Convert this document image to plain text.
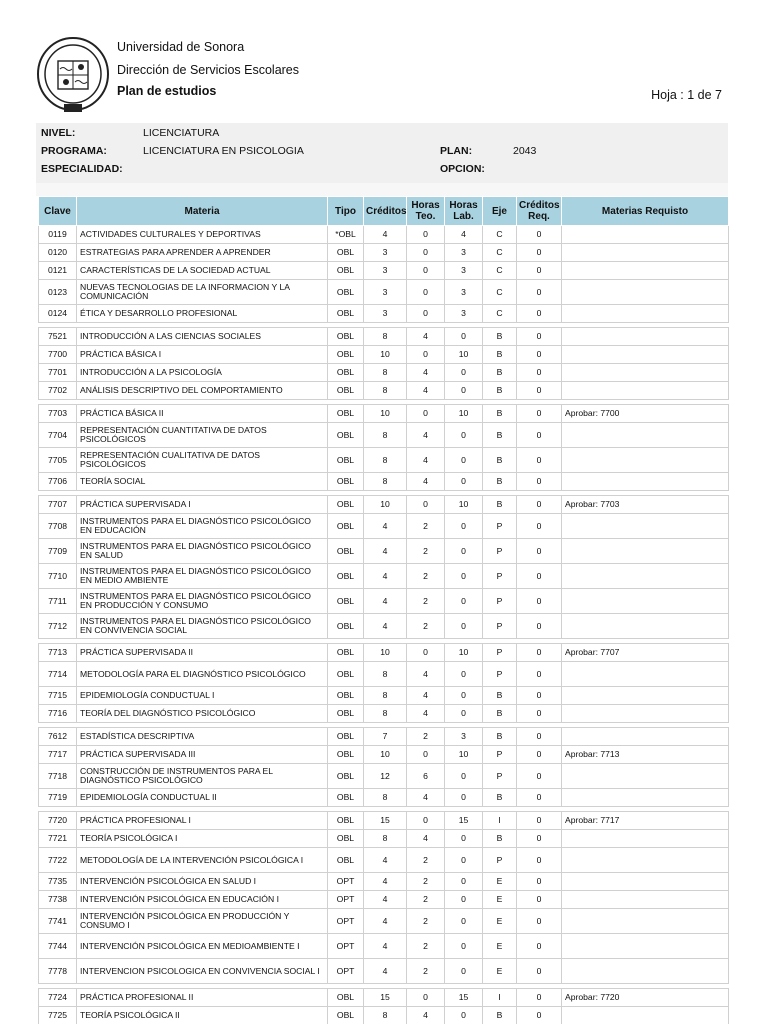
Universidad de Sonora
Dirección de Servicios Escolares
Plan de estudios	Hoja : 1 de 7
NIVEL:	LICENCIATURA
PROGRAMA:	LICENCIATURA EN PSICOLOGIA	PLAN:	2043
ESPECIALIDAD:	OPCION:
Clave	Materia	Tipo	Créditos	Horas Teo.	Horas Lab.	Eje	Créditos Req.	Materias Requisto
0119	ACTIVIDADES CULTURALES Y DEPORTIVAS	*OBL	4	0	4	C	0	
0120	ESTRATEGIAS PARA APRENDER A APRENDER	OBL	3	0	3	C	0	
0121	CARACTERÍSTICAS DE LA SOCIEDAD ACTUAL	OBL	3	0	3	C	0	
0123	NUEVAS TECNOLOGIAS DE LA INFORMACION Y LA COMUNICACIÓN	OBL	3	0	3	C	0	
0124	ÉTICA Y DESARROLLO PROFESIONAL	OBL	3	0	3	C	0	

7521	INTRODUCCIÓN A LAS CIENCIAS SOCIALES	OBL	8	4	0	B	0	
7700	PRÁCTICA BÁSICA I	OBL	10	0	10	B	0	
7701	INTRODUCCIÓN A LA PSICOLOGÍA	OBL	8	4	0	B	0	
7702	ANÁLISIS DESCRIPTIVO DEL COMPORTAMIENTO	OBL	8	4	0	B	0	

7703	PRÁCTICA BÁSICA II	OBL	10	0	10	B	0	Aprobar: 7700
7704	REPRESENTACIÓN CUANTITATIVA DE DATOS PSICOLÓGICOS	OBL	8	4	0	B	0	
7705	REPRESENTACIÓN CUALITATIVA DE DATOS PSICOLÓGICOS	OBL	8	4	0	B	0	
7706	TEORÍA SOCIAL	OBL	8	4	0	B	0	

7707	PRÁCTICA SUPERVISADA I	OBL	10	0	10	B	0	Aprobar: 7703
7708	INSTRUMENTOS PARA EL DIAGNÓSTICO PSICOLÓGICO EN EDUCACIÓN	OBL	4	2	0	P	0	
7709	INSTRUMENTOS PARA EL DIAGNÓSTICO PSICOLÓGICO EN SALUD	OBL	4	2	0	P	0	
7710	INSTRUMENTOS PARA EL DIAGNÓSTICO PSICOLÓGICO EN MEDIO AMBIENTE	OBL	4	2	0	P	0	
7711	INSTRUMENTOS PARA EL DIAGNÓSTICO PSICOLÓGICO EN PRODUCCIÓN Y CONSUMO	OBL	4	2	0	P	0	
7712	INSTRUMENTOS PARA EL DIAGNÓSTICO PSICOLÓGICO EN CONVIVENCIA SOCIAL	OBL	4	2	0	P	0	

7713	PRÁCTICA SUPERVISADA II	OBL	10	0	10	P	0	Aprobar: 7707
7714	METODOLOGÍA PARA EL DIAGNÓSTICO PSICOLÓGICO	OBL	8	4	0	P	0	
7715	EPIDEMIOLOGÍA CONDUCTUAL I	OBL	8	4	0	B	0	
7716	TEORÍA DEL DIAGNÓSTICO PSICOLÓGICO	OBL	8	4	0	B	0	

7612	ESTADÍSTICA DESCRIPTIVA	OBL	7	2	3	B	0	
7717	PRÁCTICA SUPERVISADA III	OBL	10	0	10	P	0	Aprobar: 7713
7718	CONSTRUCCIÓN DE INSTRUMENTOS PARA EL DIAGNÓSTICO PSICOLÓGICO	OBL	12	6	0	P	0	
7719	EPIDEMIOLOGÍA CONDUCTUAL II	OBL	8	4	0	B	0	

7720	PRÁCTICA PROFESIONAL I	OBL	15	0	15	I	0	Aprobar: 7717
7721	TEORÍA PSICOLÓGICA I	OBL	8	4	0	B	0	
7722	METODOLOGÍA DE LA INTERVENCIÓN PSICOLÓGICA I	OBL	4	2	0	P	0	
7735	INTERVENCIÓN PSICOLÓGICA EN SALUD I	OPT	4	2	0	E	0	
7738	INTERVENCIÓN PSICOLÓGICA EN EDUCACIÓN I	OPT	4	2	0	E	0	
7741	INTERVENCIÓN PSICOLÓGICA EN PRODUCCIÓN Y CONSUMO I	OPT	4	2	0	E	0	
7744	INTERVENCIÓN PSICOLÓGICA EN MEDIOAMBIENTE I	OPT	4	2	0	E	0	
7778	INTERVENCION PSICOLOGICA EN CONVIVENCIA SOCIAL I	OPT	4	2	0	E	0	

7724	PRÁCTICA PROFESIONAL II	OBL	15	0	15	I	0	Aprobar: 7720
7725	TEORÍA PSICOLÓGICA II	OBL	8	4	0	B	0	
